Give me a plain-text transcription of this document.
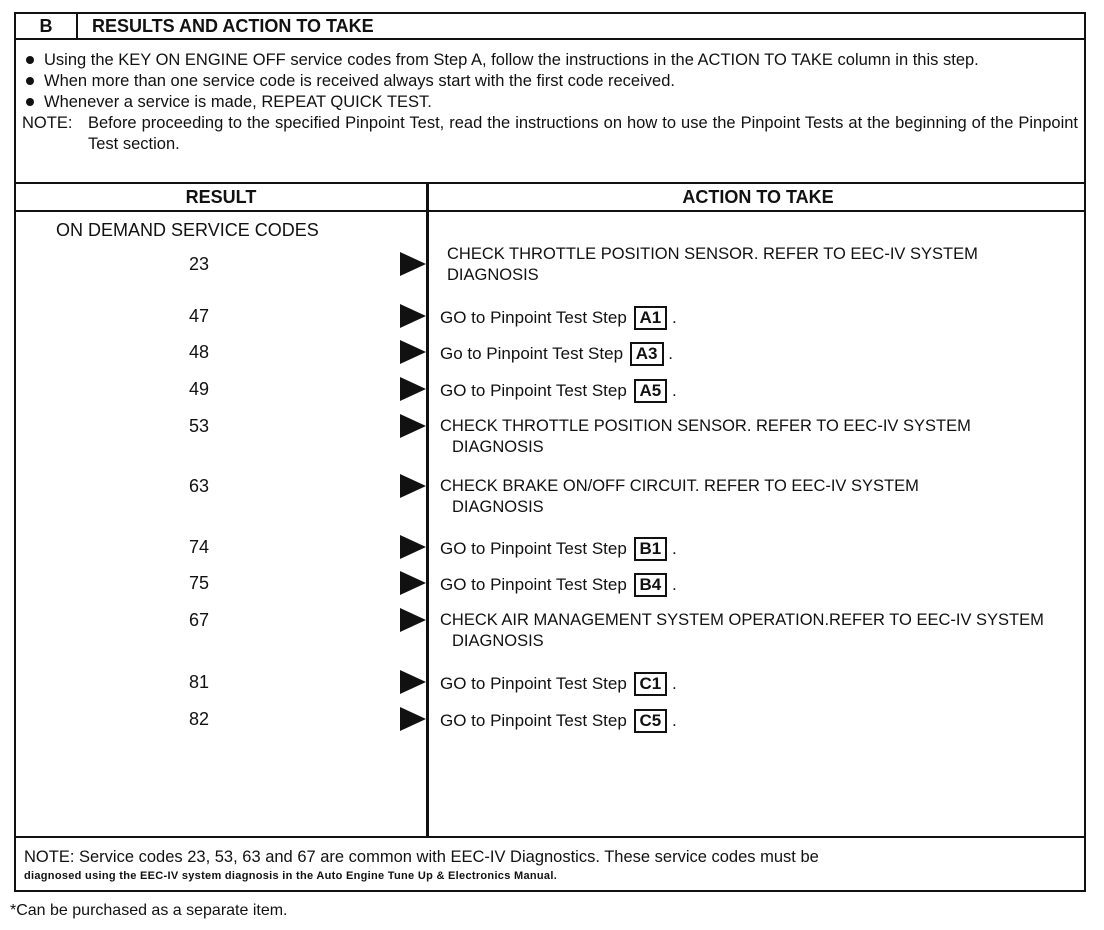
B	RESULTS AND ACTION TO TAKE
Using the KEY ON ENGINE OFF service codes from Step A, follow the instructions in the ACTION TO TAKE column in this step.
When more than one service code is received always start with the first code received.
Whenever a service is made, REPEAT QUICK TEST.
NOTE: Before proceeding to the specified Pinpoint Test, read the instructions on how to use the Pinpoint Tests at the beginning of the Pinpoint Test section.
RESULT	ACTION TO TAKE
ON DEMAND SERVICE CODES
23	CHECK THROTTLE POSITION SENSOR. REFER TO EEC-IV SYSTEM
DIAGNOSIS
47	GO to Pinpoint Test Step A1 .
48	Go to Pinpoint Test Step A3 .
49	GO to Pinpoint Test Step A5 .
53	CHECK THROTTLE POSITION SENSOR. REFER TO EEC-IV SYSTEM
DIAGNOSIS
63	CHECK BRAKE ON/OFF CIRCUIT. REFER TO EEC-IV SYSTEM
DIAGNOSIS
74	GO to Pinpoint Test Step B1 .
75	GO to Pinpoint Test Step B4 .
67	CHECK AIR MANAGEMENT SYSTEM OPERATION.REFER TO EEC-IV SYSTEM
DIAGNOSIS
81	GO to Pinpoint Test Step C1 .
82	GO to Pinpoint Test Step C5 .
NOTE: Service codes 23, 53, 63 and 67 are common with EEC-IV Diagnostics. These service codes must be
diagnosed using the EEC-IV system diagnosis in the Auto Engine Tune Up & Electronics Manual.
*Can be purchased as a separate item.
